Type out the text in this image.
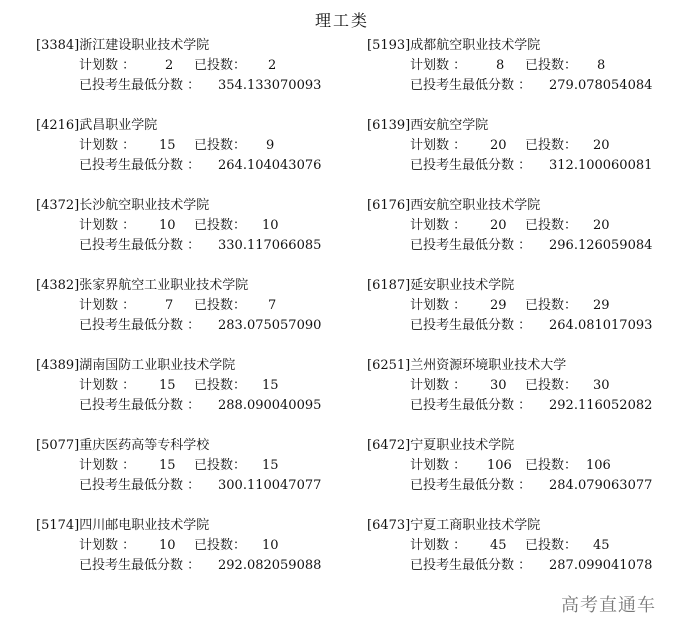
理工类
[3384]浙江建设职业技术学院
计划数 ： 2 已投数： 2
已投考生最低分数 ： 354.133070093
[4216]武昌职业学院
计划数 ： 15 已投数： 9
已投考生最低分数 ： 264.104043076
[4372]长沙航空职业技术学院
计划数 ： 10 已投数： 10
已投考生最低分数 ： 330.117066085
[4382]张家界航空工业职业技术学院
计划数 ： 7 已投数： 7
已投考生最低分数 ： 283.075057090
[4389]湖南国防工业职业技术学院
计划数 ： 15 已投数： 15
已投考生最低分数 ： 288.090040095
[5077]重庆医药高等专科学校
计划数 ： 15 已投数： 15
已投考生最低分数 ： 300.110047077
[5174]四川邮电职业技术学院
计划数 ： 10 已投数： 10
已投考生最低分数 ： 292.082059088
[5193]成都航空职业技术学院
计划数 ： 8 已投数： 8
已投考生最低分数 ： 279.078054084
[6139]西安航空学院
计划数 ： 20 已投数： 20
已投考生最低分数 ： 312.100060081
[6176]西安航空职业技术学院
计划数 ： 20 已投数： 20
已投考生最低分数 ： 296.126059084
[6187]延安职业技术学院
计划数 ： 29 已投数： 29
已投考生最低分数 ： 264.081017093
[6251]兰州资源环境职业技术大学
计划数 ： 30 已投数： 30
已投考生最低分数 ： 292.116052082
[6472]宁夏职业技术学院
计划数 ： 106 已投数： 106
已投考生最低分数 ： 284.079063077
[6473]宁夏工商职业技术学院
计划数 ： 45 已投数： 45
已投考生最低分数 ： 287.099041078
高考直通车
